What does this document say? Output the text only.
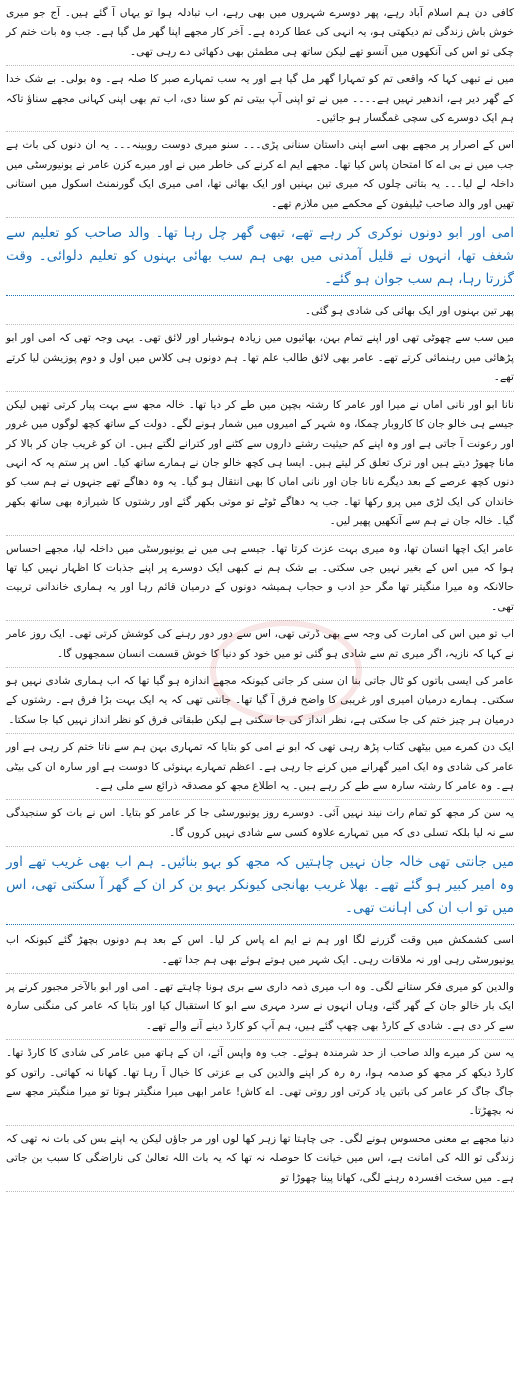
کافی دن ہم اسلام آباد رہے، پھر دوسرے شہروں میں بھی رہے، اب تبادلہ ہوا تو یہاں آ گئے ہیں۔ آج جو میری خوش باش زندگی تم دیکھتی ہو، یہ انہی کی عطا کردہ ہے۔ آخر کار مجھے اپنا گھر مل گیا ہے۔ جب وہ بات ختم کر چکی تو اس کی آنکھوں میں آنسو تھے لیکن ساتھ ہی مطمئن بھی دکھائی دے رہی تھی۔

میں نے تبھی کہا کہ واقعی تم کو تمہارا گھر مل گیا ہے اور یہ سب تمہارے صبر کا صلہ ہے۔ وہ بولی۔ بے شک خدا کے گھر دیر ہے، اندھیر نہیں ہے۔۔۔۔ میں نے تو اپنی آپ بیتی تم کو سنا دی، اب تم بھی اپنی کہانی مجھے سناؤ تاکہ ہم ایک دوسرے کی سچی غمگسار ہو جائیں۔

اس کے اصرار پر مجھے بھی اسے اپنی داستان سنانی پڑی۔۔۔ سنو میری دوست روبینہ۔۔۔ یہ ان دنوں کی بات ہے جب میں نے بی اے کا امتحان پاس کیا تھا۔ مجھے ایم اے کرنے کی خاطر میں نے اور میرے کزن عامر نے یونیورسٹی میں داخلہ لے لیا۔۔۔ یہ بتاتی چلوں کہ میری تین بہنیں اور ایک بھائی تھا، امی میری ایک گورنمنٹ اسکول میں استانی تھیں اور والد صاحب ٹیلیفون کے محکمے میں ملازم تھے۔

امی اور ابو دونوں نوکری کر رہے تھے، تبھی گھر چل رہا تھا۔ والد صاحب کو تعلیم سے شغف تھا، انہوں نے قلیل آمدنی میں بھی ہم سب بھائی بہنوں کو تعلیم دلوائی۔ وقت گزرتا رہا، ہم سب جوان ہو گئے۔

پھر تین بہنوں اور ایک بھائی کی شادی ہو گئی۔

میں سب سے چھوٹی تھی اور اپنے تمام بہن، بھائیوں میں زیادہ ہوشیار اور لائق تھی۔ یہی وجہ تھی کہ امی اور ابو پڑھائی میں رہنمائی کرتے تھے۔ عامر بھی لائق طالب علم تھا۔ ہم دونوں ہی کلاس میں اول و دوم پوزیشن لیا کرتے تھے۔

نانا ابو اور نانی اماں نے میرا اور عامر کا رشتہ بچپن میں طے کر دیا تھا۔ خالہ مجھ سے بہت پیار کرتی تھیں لیکن جیسے ہی خالو جان کا کاروبار چمکا، وہ شہر کے امیروں میں شمار ہونے لگے۔ دولت کے ساتھ کچھ لوگوں میں غرور اور رعونت آ جاتی ہے اور وہ اپنے کم حیثیت رشتے داروں سے کٹنے اور کترانے لگتے ہیں۔ ان کو غریب جان کر بالا کر مانا چھوڑ دیتے ہیں اور ترک تعلق کر لیتے ہیں۔ ایسا ہی کچھ خالو جان نے ہمارے ساتھ کیا۔ اس پر ستم یہ کہ انہی دنوں کچھ عرصے کے بعد دیگرے نانا جان اور نانی اماں کا بھی انتقال ہو گیا۔ یہ وہ دھاگے تھے جنہوں نے ہم سب کو خاندان کی ایک لڑی میں پرو رکھا تھا۔ جب یہ دھاگے ٹوٹے تو موتی بکھر گئے اور رشتوں کا شیرازہ بھی ساتھ بکھر گیا۔ خالہ جان نے ہم سے آنکھیں پھیر لیں۔

عامر ایک اچھا انسان تھا، وہ میری بہت عزت کرتا تھا۔ جیسے ہی میں نے یونیورسٹی میں داخلہ لیا، مجھے احساس ہوا کہ میں اس کے بغیر نہیں جی سکتی۔ بے شک ہم نے کبھی ایک دوسرے پر اپنے جذبات کا اظہار نہیں کیا تھا حالانکہ وہ میرا منگیتر تھا مگر حدِ ادب و حجاب ہمیشہ دونوں کے درمیان قائم رہا اور یہ ہماری خاندانی تربیت تھی۔

اب تو میں اس کی امارت کی وجہ سے بھی ڈرتی تھی، اس سے دور دور رہنے کی کوشش کرتی تھی۔ ایک روز عامر نے کہا کہ نازیہ، اگر میری تم سے شادی ہو گئی تو میں خود کو دنیا کا خوش قسمت انسان سمجھوں گا۔

عامر کی ایسی باتوں کو ٹال جاتی بنا ان سنی کر جاتی کیونکہ مجھے اندازہ ہو گیا تھا کہ اب ہماری شادی نہیں ہو سکتی۔ ہمارے درمیان امیری اور غریبی کا واضح فرق آ گیا تھا۔ جانتی تھی کہ یہ ایک بہت بڑا فرق ہے۔ رشتوں کے درمیان ہر چیز ختم کی جا سکتی ہے، نظر انداز کی جا سکتی ہے لیکن طبقاتی فرق کو نظر انداز نہیں کیا جا سکتا۔

ایک دن کمرے میں بیٹھی کتاب پڑھ رہی تھی کہ ابو نے امی کو بتایا کہ تمہاری بہن ہم سے ناتا ختم کر رہی ہے اور عامر کی شادی وہ ایک امیر گھرانے میں کرنے جا رہی ہے۔ اعظم تمہارے بہنوئی کا دوست ہے اور سارہ ان کی بیٹی ہے۔ وہ عامر کا رشتہ سارہ سے طے کر رہے ہیں۔ یہ اطلاع مجھ کو مصدقہ ذرائع سے ملی ہے۔

یہ سن کر مجھ کو تمام رات نیند نہیں آئی۔ دوسرے روز یونیورسٹی جا کر عامر کو بتایا۔ اس نے بات کو سنجیدگی سے نہ لیا بلکہ تسلی دی کہ میں تمہارے علاوہ کسی سے شادی نہیں کروں گا۔

میں جانتی تھی خالہ جان نہیں چاہتیں کہ مجھ کو بہو بنائیں۔ ہم اب بھی غریب تھے اور وہ امیر کبیر ہو گئے تھے۔ بھلا غریب بھانجی کیونکر بہو بن کر ان کے گھر آ سکتی تھی، اس میں تو اب ان کی اہانت تھی۔

اسی کشمکش میں وقت گزرنے لگا اور ہم نے ایم اے پاس کر لیا۔ اس کے بعد ہم دونوں بچھڑ گئے کیونکہ اب یونیورسٹی رہی اور نہ ملاقات رہی۔ ایک شہر میں ہوتے ہوئے بھی ہم جدا تھے۔

والدین کو میری فکر ستانے لگی۔ وہ اب میری ذمہ داری سے بری ہونا چاہتے تھے۔ امی اور ابو بالآخر مجبور کرنے پر ایک بار خالو جان کے گھر گئے، وہاں انہوں نے سرد مہری سے ابو کا استقبال کیا اور بتایا کہ عامر کی منگنی سارہ سے کر دی ہے۔ شادی کے کارڈ بھی چھپ گئے ہیں، ہم آپ کو کارڈ دینے آنے والے تھے۔

یہ سن کر میرے والد صاحب از حد شرمندہ ہوئے۔ جب وہ واپس آئے، ان کے ہاتھ میں عامر کی شادی کا کارڈ تھا۔ کارڈ دیکھ کر مجھ کو صدمہ ہوا، رہ رہ کر اپنے والدین کی بے عزتی کا خیال آ رہا تھا۔ کھانا نہ کھاتی۔ راتوں کو جاگ جاگ کر عامر کی باتیں یاد کرتی اور روتی تھی۔ اے کاش! عامر ابھی میرا منگیتر ہوتا تو میرا منگیتر مجھ سے نہ بچھڑتا۔

دنیا مجھے بے معنی محسوس ہونے لگی۔ جی چاہتا تھا زہر کھا لوں اور مر جاؤں لیکن یہ اپنے بس کی بات نہ تھی کہ زندگی تو اللہ کی امانت ہے، اس میں خیانت کا حوصلہ نہ تھا کہ یہ بات اللہ تعالیٰ کی ناراضگی کا سبب بن جاتی ہے۔ میں سخت افسردہ رہنے لگی، کھانا پینا چھوڑا تو
